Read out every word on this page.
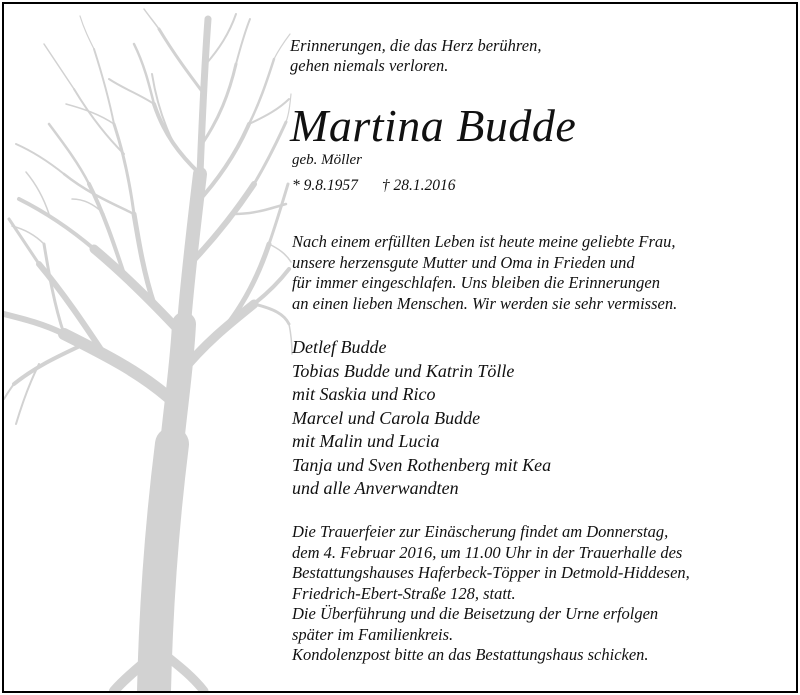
Erinnerungen, die das Herz berühren,
gehen niemals verloren.
Martina Budde
geb. Möller
* 9.8.1957 † 28.1.2016
Nach einem erfüllten Leben ist heute meine geliebte Frau,
unsere herzensgute Mutter und Oma in Frieden und
für immer eingeschlafen. Uns bleiben die Erinnerungen
an einen lieben Menschen. Wir werden sie sehr vermissen.
Detlef Budde
Tobias Budde und Katrin Tölle
mit Saskia und Rico
Marcel und Carola Budde
mit Malin und Lucia
Tanja und Sven Rothenberg mit Kea
und alle Anverwandten
Die Trauerfeier zur Einäscherung findet am Donnerstag,
dem 4. Februar 2016, um 11.00 Uhr in der Trauerhalle des
Bestattungshauses Haferbeck-Töpper in Detmold-Hiddesen,
Friedrich-Ebert-Straße 128, statt.
Die Überführung und die Beisetzung der Urne erfolgen
später im Familienkreis.
Kondolenzpost bitte an das Bestattungshaus schicken.
